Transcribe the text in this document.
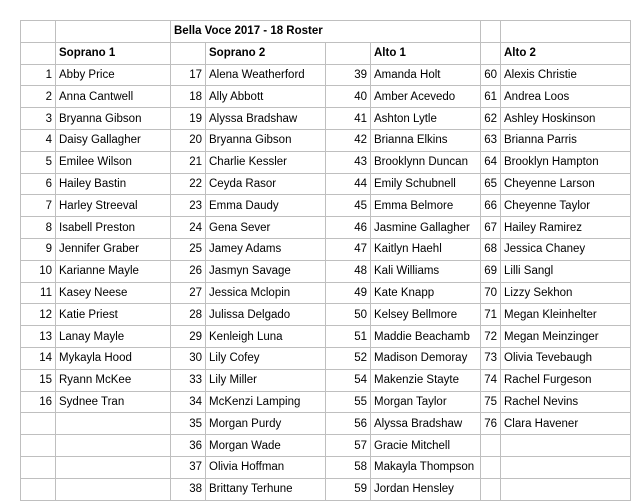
		Bella Voce 2017 - 18 Roster					
	Soprano 1		Soprano 2		Alto 1		Alto 2
1	Abby Price	17	Alena Weatherford	39	Amanda Holt	60	Alexis Christie
2	Anna Cantwell	18	Ally Abbott	40	Amber Acevedo	61	Andrea Loos
3	Bryanna Gibson	19	Alyssa Bradshaw	41	Ashton Lytle	62	Ashley Hoskinson
4	Daisy Gallagher	20	Bryanna Gibson	42	Brianna Elkins	63	Brianna Parris
5	Emilee Wilson	21	Charlie Kessler	43	Brooklynn Duncan	64	Brooklyn Hampton
6	Hailey Bastin	22	Ceyda Rasor	44	Emily Schubnell	65	Cheyenne Larson
7	Harley Streeval	23	Emma Daudy	45	Emma Belmore	66	Cheyenne Taylor
8	Isabell Preston	24	Gena Sever	46	Jasmine Gallagher	67	Hailey Ramirez
9	Jennifer Graber	25	Jamey Adams	47	Kaitlyn Haehl	68	Jessica Chaney
10	Karianne Mayle	26	Jasmyn Savage	48	Kali Williams	69	Lilli Sangl
11	Kasey Neese	27	Jessica Mclopin	49	Kate Knapp	70	Lizzy Sekhon
12	Katie Priest	28	Julissa Delgado	50	Kelsey Bellmore	71	Megan Kleinhelter
13	Lanay Mayle	29	Kenleigh Luna	51	Maddie Beachamb	72	Megan Meinzinger
14	Mykayla Hood	30	Lily Cofey	52	Madison Demoray	73	Olivia Tevebaugh
15	Ryann McKee	33	Lily Miller	54	Makenzie Stayte	74	Rachel Furgeson
16	Sydnee Tran	34	McKenzi Lamping	55	Morgan Taylor	75	Rachel Nevins
		35	Morgan Purdy	56	Alyssa Bradshaw	76	Clara Havener
		36	Morgan Wade	57	Gracie Mitchell		
		37	Olivia Hoffman	58	Makayla Thompson		
		38	Brittany Terhune	59	Jordan Hensley		
